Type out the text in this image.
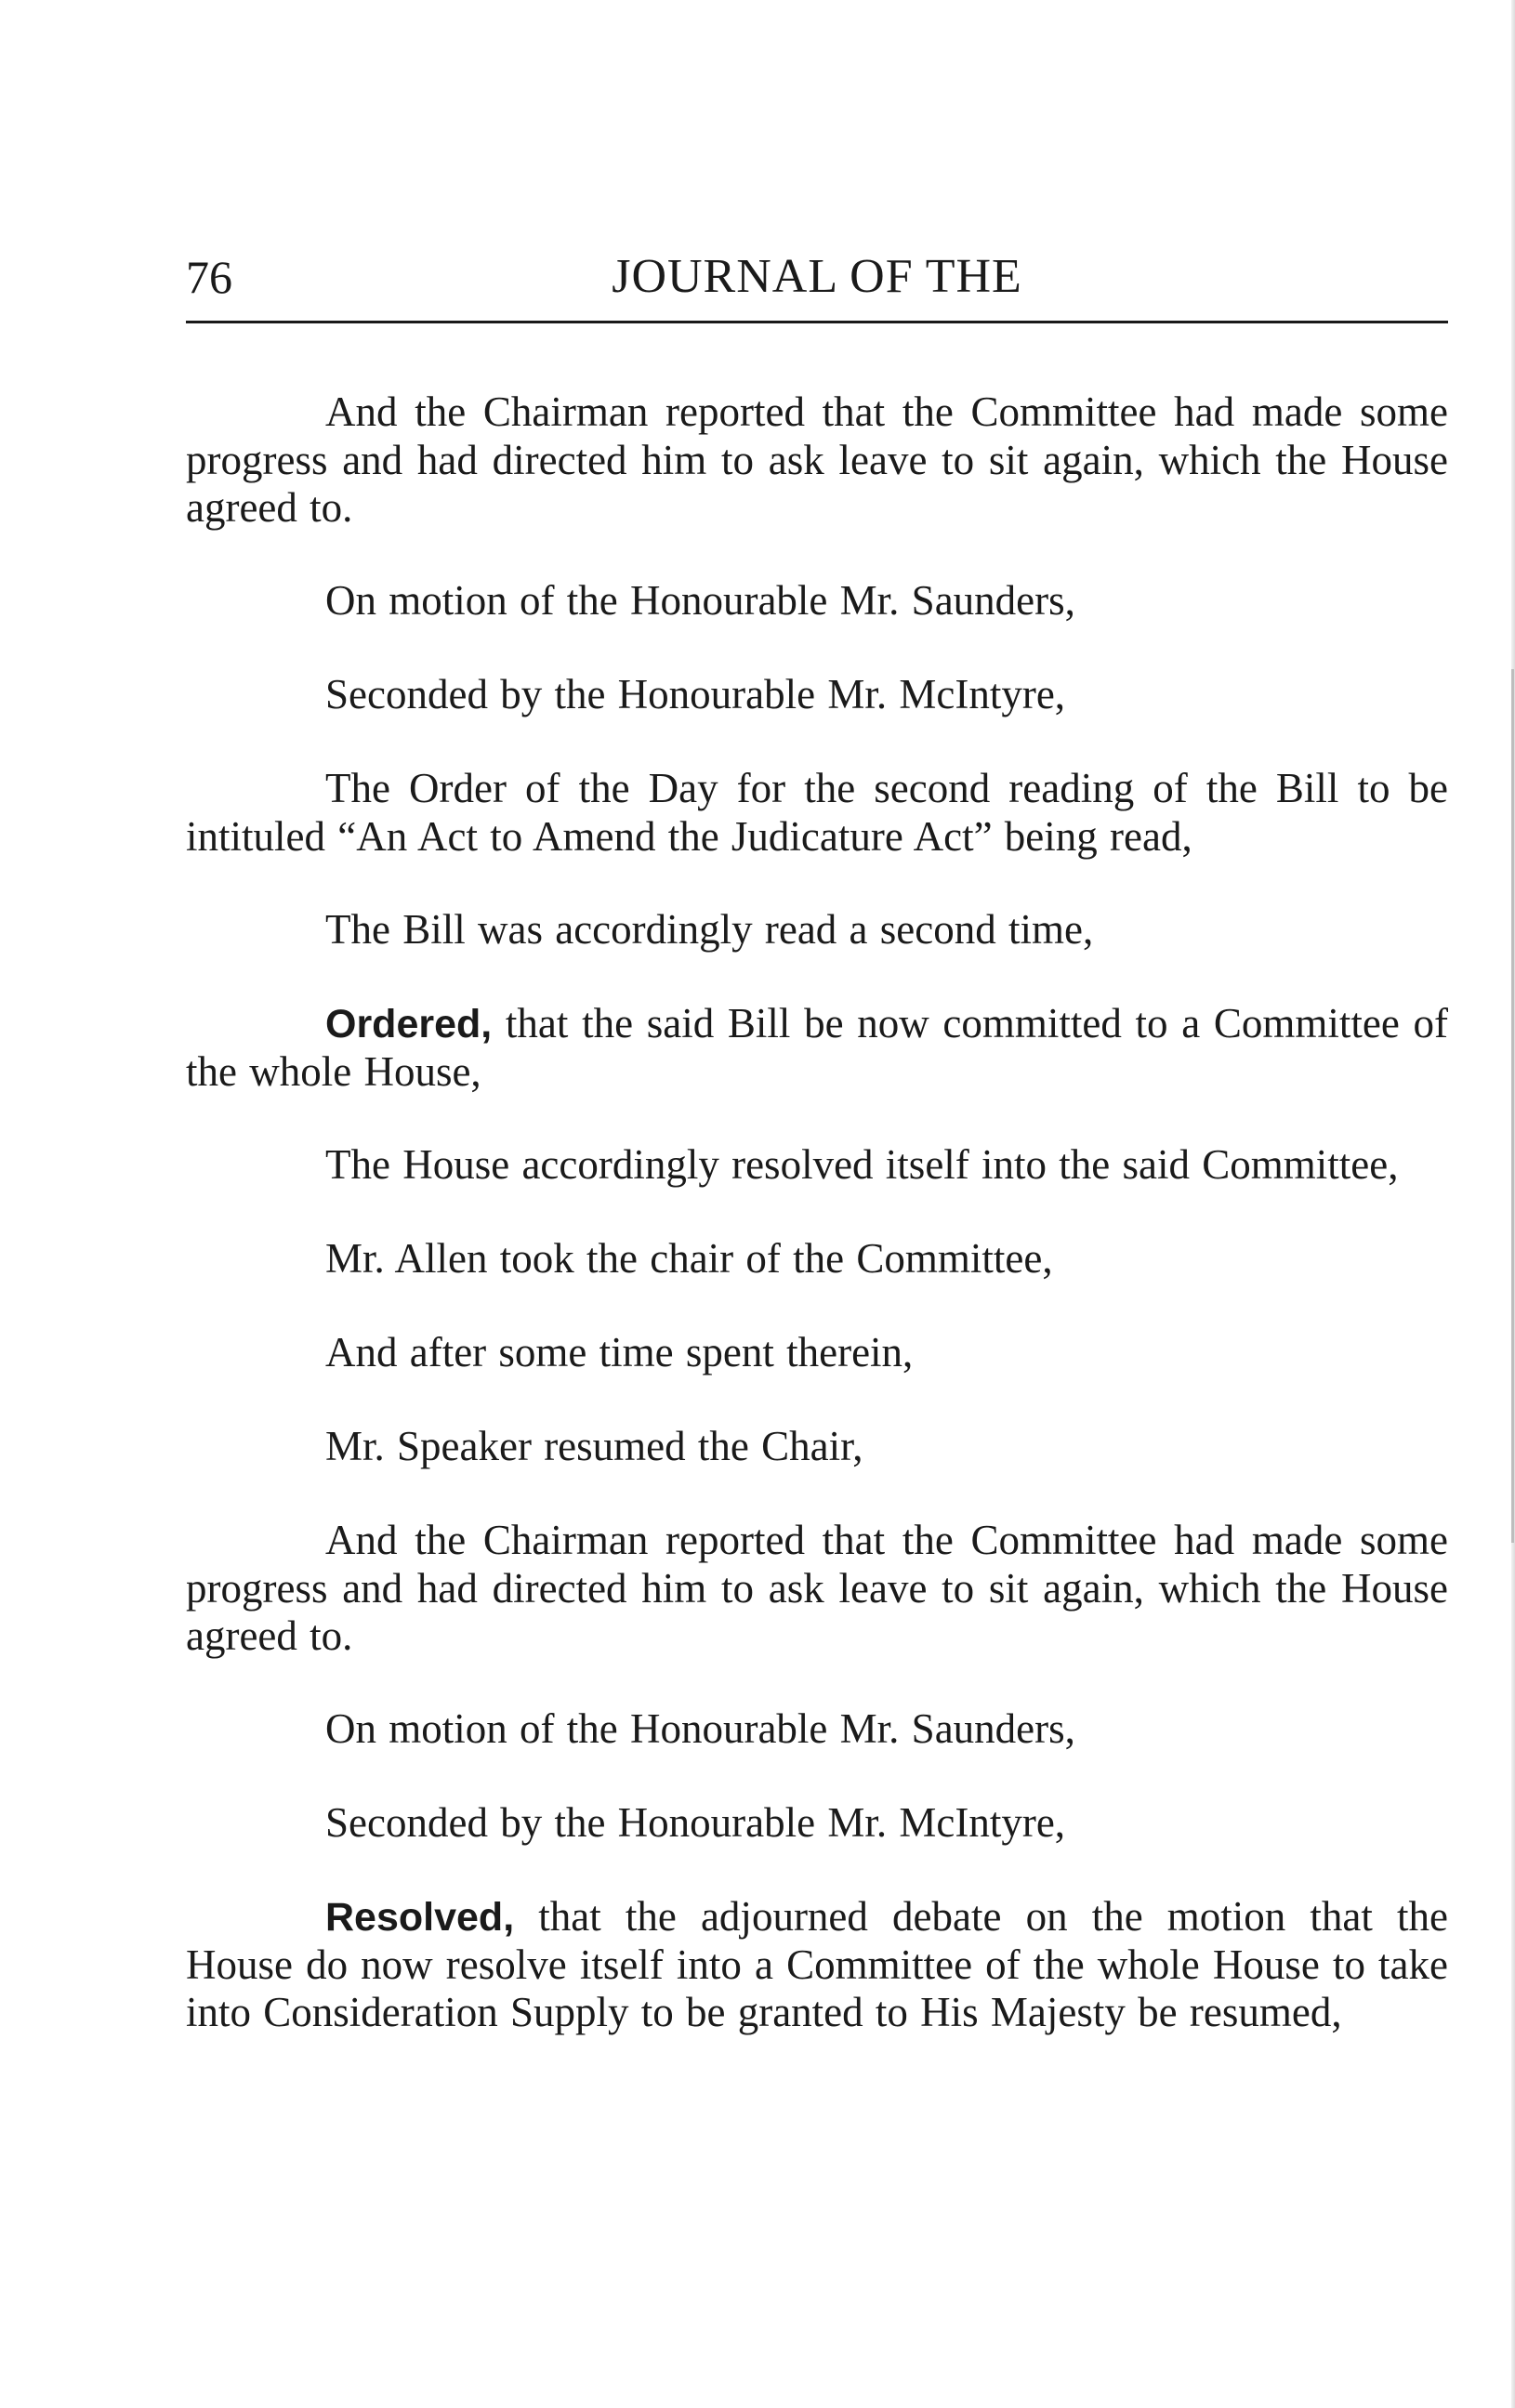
76	JOURNAL OF THE

And the Chairman reported that the Committee had made some progress and had directed him to ask leave to sit again, which the House agreed to.

On motion of the Honourable Mr. Saunders,

Seconded by the Honourable Mr. McIntyre,

The Order of the Day for the second reading of the Bill to be intituled “An Act to Amend the Judicature Act” being read,

The Bill was accordingly read a second time,

Ordered, that the said Bill be now committed to a Committee of the whole House,

The House accordingly resolved itself into the said Committee,

Mr. Allen took the chair of the Committee,

And after some time spent therein,

Mr. Speaker resumed the Chair,

And the Chairman reported that the Committee had made some progress and had directed him to ask leave to sit again, which the House agreed to.

On motion of the Honourable Mr. Saunders,

Seconded by the Honourable Mr. McIntyre,

Resolved, that the adjourned debate on the motion that the House do now resolve itself into a Committee of the whole House to take into Consideration Supply to be granted to His Majesty be resumed,
